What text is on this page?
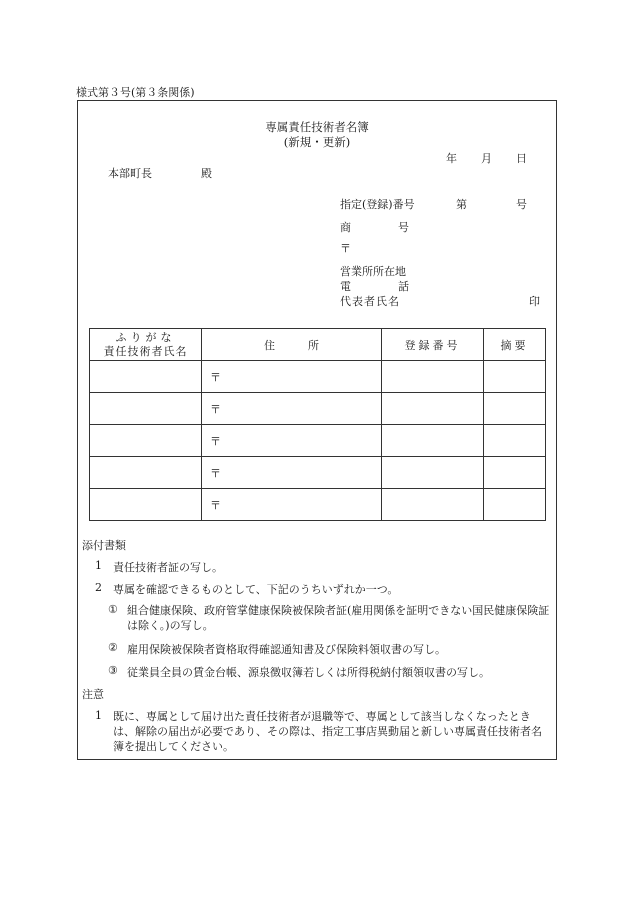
様式第３号(第３条関係)
専属責任技術者名簿
(新規・更新)
年 月 日
本部町長	殿
指定(登録)番号	第	号
商	号
〒
営業所所在地
電	話
代表者氏名	印
ふりがな
責任技術者氏名	住　　　所	登録番号	摘要
	〒		
	〒		
	〒		
	〒		
	〒		
添付書類
1 責任技術者証の写し。
2 専属を確認できるものとして、下記のうちいずれか一つ。
① 組合健康保険、政府管掌健康保険被保険者証(雇用関係を証明できない国民健康保険証は除く。)の写し。
② 雇用保険被保険者資格取得確認通知書及び保険料領収書の写し。
③ 従業員全員の賃金台帳、源泉徴収簿若しくは所得税納付額領収書の写し。
注意
1 既に、専属として届け出た責任技術者が退職等で、専属として該当しなくなったときは、解除の届出が必要であり、その際は、指定工事店異動届と新しい専属責任技術者名簿を提出してください。
